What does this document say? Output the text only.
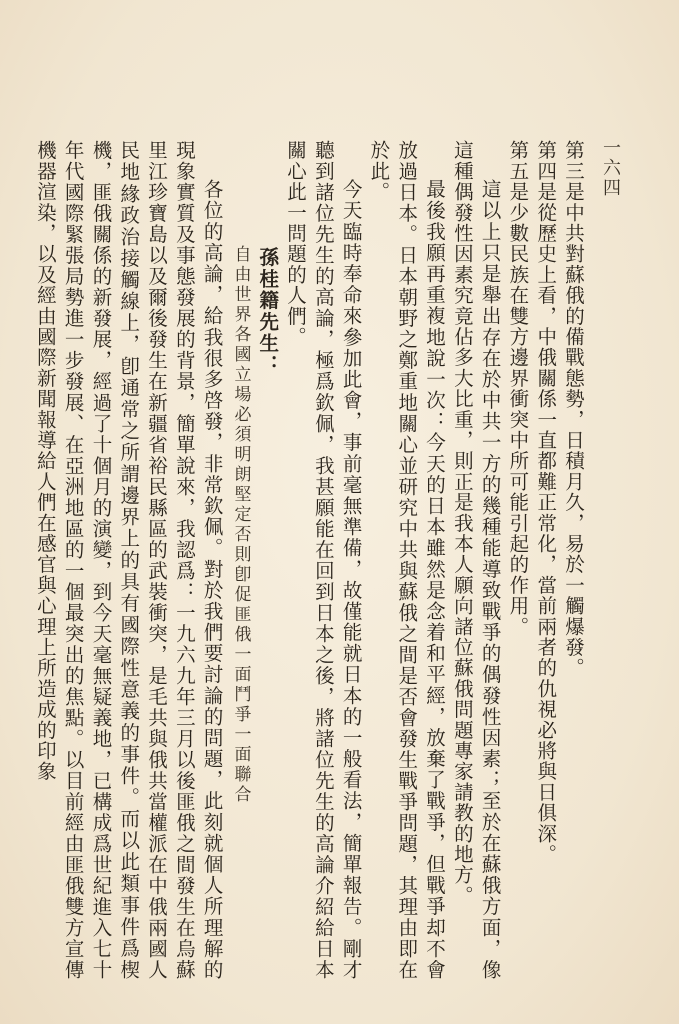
一六四

第三是中共對蘇俄的備戰態勢，日積月久，易於一觸爆發。

第四是從歷史上看，中俄關係一直都難正常化，當前兩者的仇視必將與日俱深。

第五是少數民族在雙方邊界衝突中所可能引起的作用。

這以上只是舉出存在於中共一方的幾種能導致戰爭的偶發性因素；至於在蘇俄方面，像這種偶發性因素究竟佔多大比重，則正是我本人願向諸位蘇俄問題專家請教的地方。

最後我願再重複地說一次：今天的日本雖然是念着和平經，放棄了戰爭，但戰爭却不會放過日本。日本朝野之鄭重地關心並研究中共與蘇俄之間是否會發生戰爭問題，其理由即在於此。

今天臨時奉命來參加此會，事前毫無準備，故僅能就日本的一般看法，簡單報告。剛才聽到諸位先生的高論，極爲欽佩，我甚願能在回到日本之後，將諸位先生的高論介紹給日本關心此一問題的人們。

孫桂籍先生：

自由世界各國立場必須明朗堅定否則卽促匪俄一面鬥爭一面聯合

各位的高論，給我很多啓發，非常欽佩。對於我們要討論的問題，此刻就個人所理解的現象實質及事態發展的背景，簡單說來，我認爲：一九六九年三月以後匪俄之間發生在烏蘇里江珍寶島以及爾後發生在新疆省裕民縣區的武裝衝突，是毛共與俄共當權派在中俄兩國人民地緣政治接觸線上，卽通常之所謂邊界上的具有國際性意義的事件。而以此類事件爲楔機，匪俄關係的新發展，經過了十個月的演變，到今天毫無疑義地，已構成爲世紀進入七十年代國際緊張局勢進一步發展、在亞洲地區的一個最突出的焦點。以目前經由匪俄雙方宣傳機器渲染，以及經由國際新聞報導給人們在感官與心理上所造成的印象
